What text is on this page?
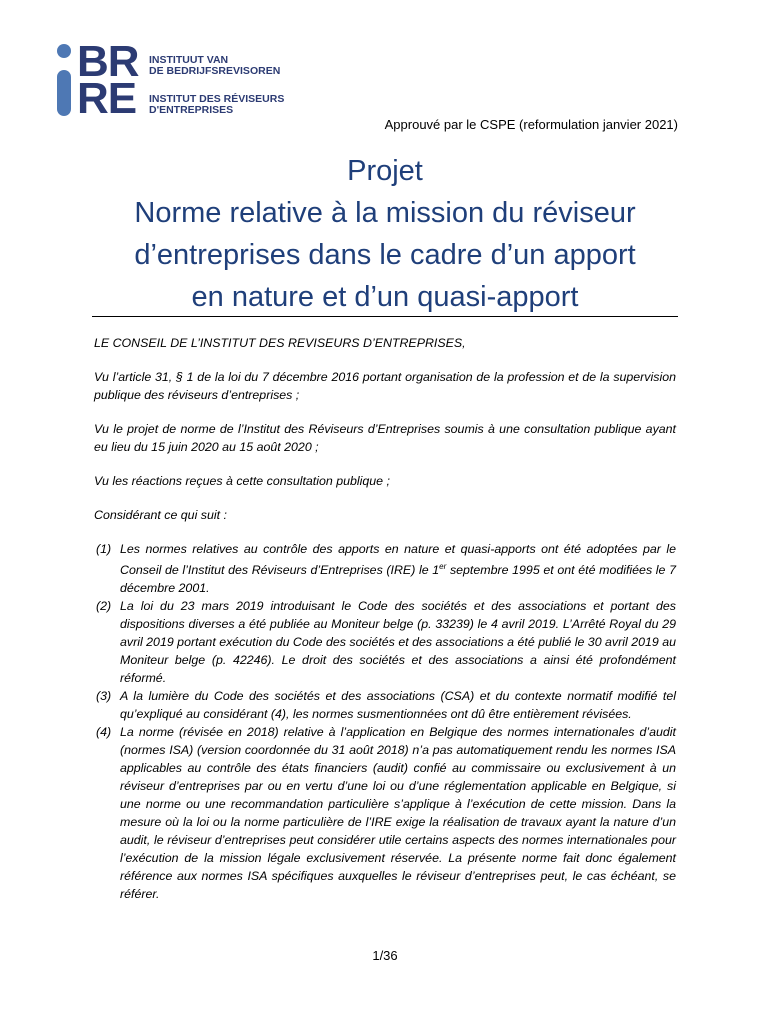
BR
RE
INSTITUUT VAN
DE BEDRIJFSREVISOREN
INSTITUT DES RÉVISEURS
D'ENTREPRISES
Approuvé par le CSPE (reformulation janvier 2021)
Projet
Norme relative à la mission du réviseur
d’entreprises dans le cadre d’un apport
en nature et d’un quasi-apport

LE CONSEIL DE L’INSTITUT DES REVISEURS D’ENTREPRISES,

Vu l’article 31, § 1 de la loi du 7 décembre 2016 portant organisation de la profession et de la supervision publique des réviseurs d’entreprises ;

Vu le projet de norme de l’Institut des Réviseurs d’Entreprises soumis à une consultation publique ayant eu lieu du 15 juin 2020 au 15 août 2020 ;

Vu les réactions reçues à cette consultation publique ;

Considérant ce qui suit :

(1) Les normes relatives au contrôle des apports en nature et quasi-apports ont été adoptées par le Conseil de l’Institut des Réviseurs d’Entreprises (IRE) le 1er septembre 1995 et ont été modifiées le 7 décembre 2001.
(2) La loi du 23 mars 2019 introduisant le Code des sociétés et des associations et portant des dispositions diverses a été publiée au Moniteur belge (p. 33239) le 4 avril 2019. L’Arrêté Royal du 29 avril 2019 portant exécution du Code des sociétés et des associations a été publié le 30 avril 2019 au Moniteur belge (p. 42246). Le droit des sociétés et des associations a ainsi été profondément réformé.
(3) A la lumière du Code des sociétés et des associations (CSA) et du contexte normatif modifié tel qu’expliqué au considérant (4), les normes susmentionnées ont dû être entièrement révisées.
(4) La norme (révisée en 2018) relative à l’application en Belgique des normes internationales d’audit (normes ISA) (version coordonnée du 31 août 2018) n’a pas automatiquement rendu les normes ISA applicables au contrôle des états financiers (audit) confié au commissaire ou exclusivement à un réviseur d’entreprises par ou en vertu d’une loi ou d’une réglementation applicable en Belgique, si une norme ou une recommandation particulière s’applique à l’exécution de cette mission. Dans la mesure où la loi ou la norme particulière de l’IRE exige la réalisation de travaux ayant la nature d’un audit, le réviseur d’entreprises peut considérer utile certains aspects des normes internationales pour l’exécution de la mission légale exclusivement réservée. La présente norme fait donc également référence aux normes ISA spécifiques auxquelles le réviseur d’entreprises peut, le cas échéant, se référer.
1/36
